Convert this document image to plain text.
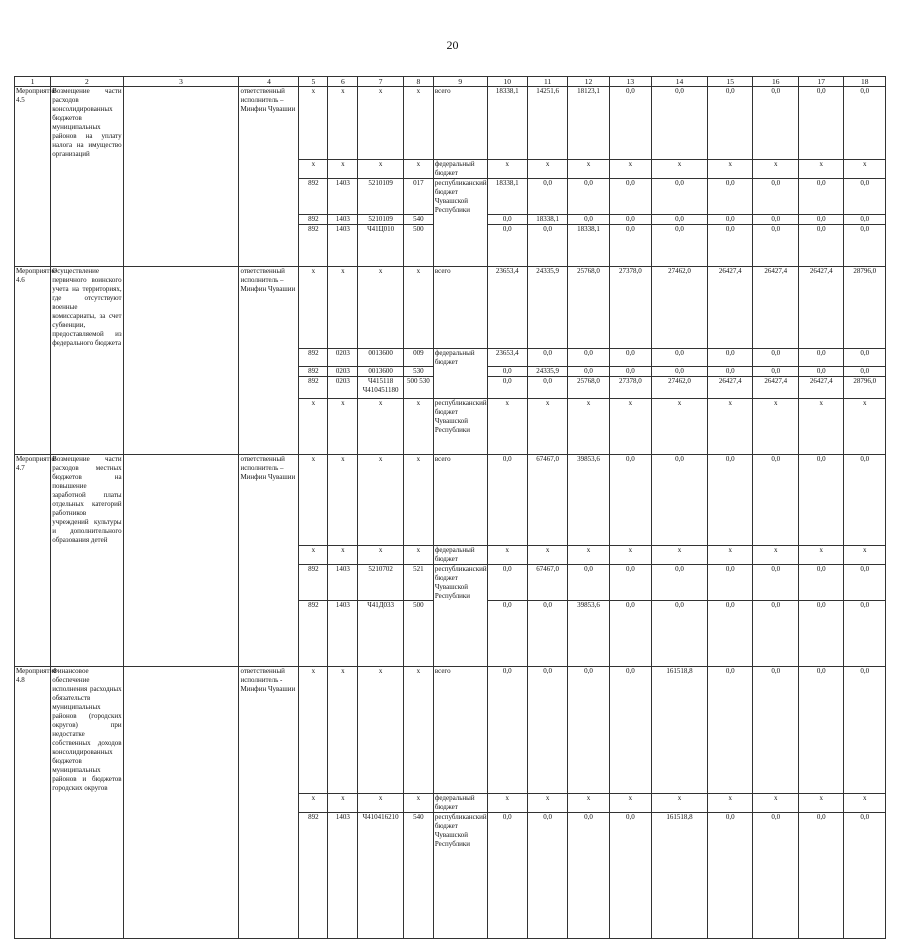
20
1	2	3	4	5	6	7	8	9	10	11	12	13	14	15	16	17	18
Мероприятие 4.5	Возмещение части расходов консолидированных бюджетов муниципальных районов на уплату налога на имущество организаций		ответственный исполнитель – Минфин Чувашии	x	x	x	x	всего	18338,1	14251,6	18123,1	0,0	0,0	0,0	0,0	0,0	0,0
				x	x	x	x	федеральный бюджет	x	x	x	x	x	x	x	x	x
				892	1403	5210109	017	республиканский бюджет Чувашской Республики	18338,1	0,0	0,0	0,0	0,0	0,0	0,0	0,0	0,0
				892	1403	5210109	540		0,0	18338,1	0,0	0,0	0,0	0,0	0,0	0,0	0,0
				892	1403	Ч41Ц010	500		0,0	0,0	18338,1	0,0	0,0	0,0	0,0	0,0	0,0
Мероприятие 4.6	Осуществление первичного воинского учета на территориях, где отсутствуют военные комиссариаты, за счет субвенции, предоставляемой из федерального бюджета		ответственный исполнитель – Минфин Чувашии	x	x	x	x	всего	23653,4	24335,9	25768,0	27378,0	27462,0	26427,4	26427,4	26427,4	28796,0
				892	0203	0013600	009	федеральный бюджет	23653,4	0,0	0,0	0,0	0,0	0,0	0,0	0,0	0,0
				892	0203	0013600	530		0,0	24335,9	0,0	0,0	0,0	0,0	0,0	0,0	0,0
				892	0203	Ч415118 Ч410451180	500 530		0,0	0,0	25768,0	27378,0	27462,0	26427,4	26427,4	26427,4	28796,0
				x	x	x	x	республиканский бюджет Чувашской Республики	x	x	x	x	x	x	x	x	x
Мероприятие 4.7	Возмещение части расходов местных бюджетов на повышение заработной платы отдельных категорий работников учреждений культуры и дополнительного образования детей		ответственный исполнитель – Минфин Чувашии	x	x	x	x	всего	0,0	67467,0	39853,6	0,0	0,0	0,0	0,0	0,0	0,0
				x	x	x	x	федеральный бюджет	x	x	x	x	x	x	x	x	x
				892	1403	5210702	521	республиканский бюджет Чувашской Республики	0,0	67467,0	0,0	0,0	0,0	0,0	0,0	0,0	0,0
				892	1403	Ч41Д033	500		0,0	0,0	39853,6	0,0	0,0	0,0	0,0	0,0	0,0
Мероприятие 4.8	Финансовое обеспечение исполнения расходных обязательств муниципальных районов (городских округов) при недостатке собственных доходов консолидированных бюджетов муниципальных районов и бюджетов городских округов		ответственный исполнитель - Минфин Чувашии	x	x	x	x	всего	0,0	0,0	0,0	0,0	161518,8	0,0	0,0	0,0	0,0
				x	x	x	x	федеральный бюджет	x	x	x	x	x	x	x	x	x
				892	1403	Ч410416210	540	республиканский бюджет Чувашской Республики	0,0	0,0	0,0	0,0	161518,8	0,0	0,0	0,0	0,0
